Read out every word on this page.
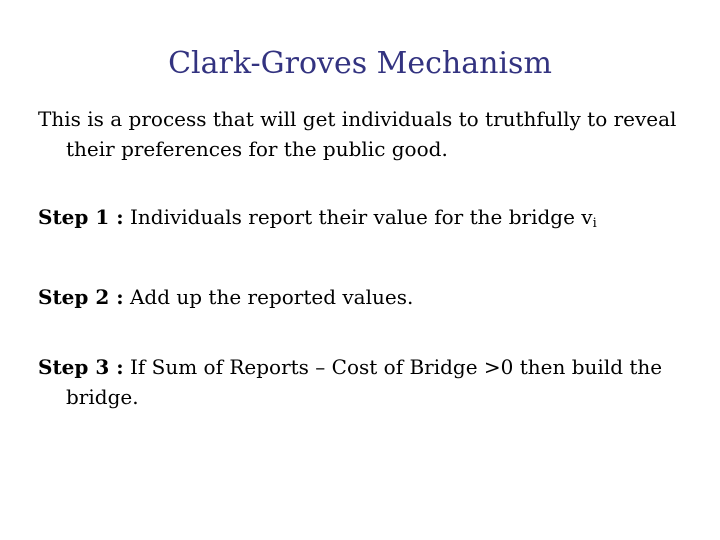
Clark-Groves Mechanism

This is a process that will get individuals to truthfully to reveal their preferences for the public good.

Step 1 : Individuals report their value for the bridge $v_i$

Step 2 : Add up the reported values.

Step 3 : If Sum of Reports – Cost of Bridge >0 then build the bridge.
